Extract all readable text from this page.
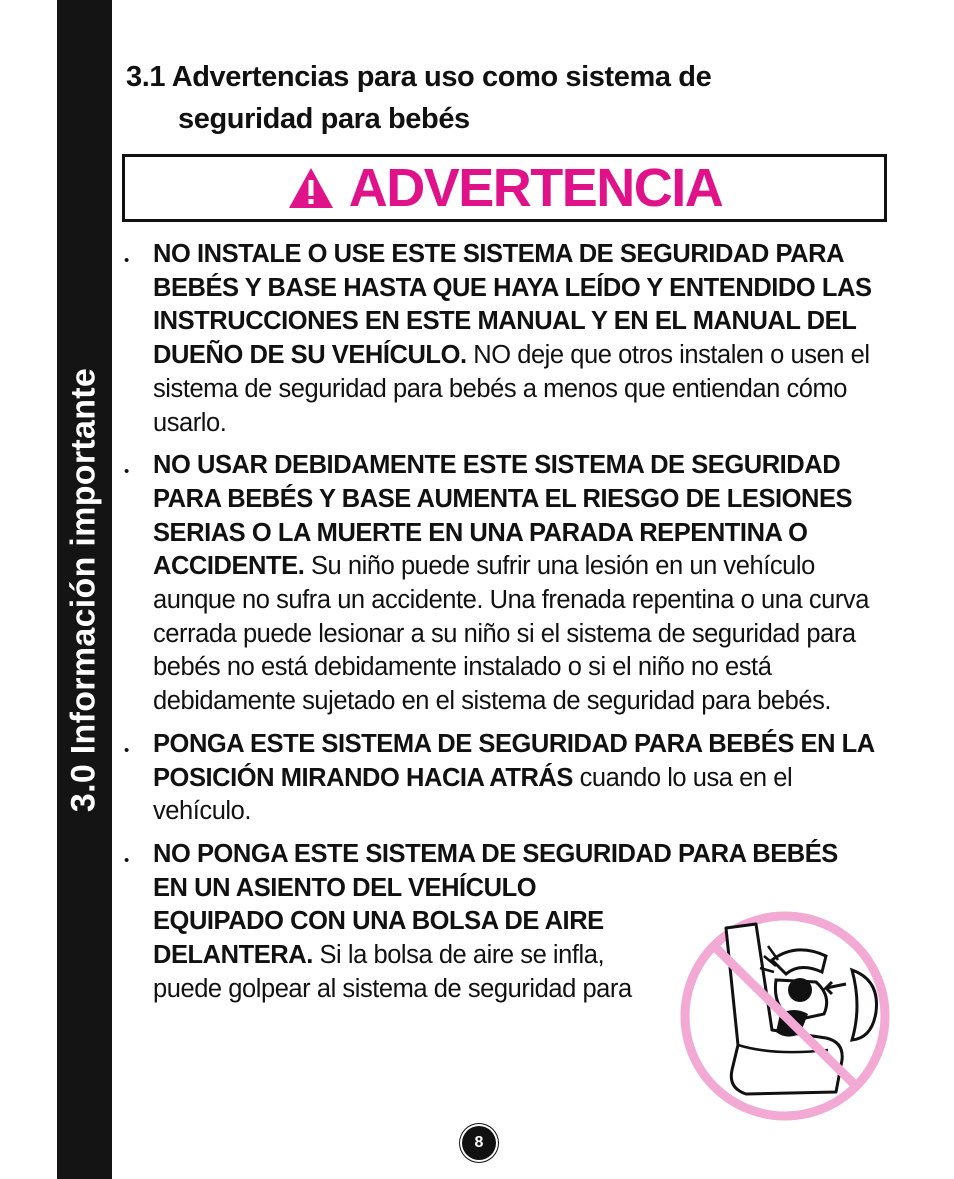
3.0 Información importante
3.1 Advertencias para uso como sistema de
seguridad para bebés
ADVERTENCIA
• NO INSTALE O USE ESTE SISTEMA DE SEGURIDAD PARA BEBÉS Y BASE HASTA QUE HAYA LEÍDO Y ENTENDIDO LAS INSTRUCCIONES EN ESTE MANUAL Y EN EL MANUAL DEL DUEÑO DE SU VEHÍCULO. NO deje que otros instalen o usen el sistema de seguridad para bebés a menos que entiendan cómo usarlo.
• NO USAR DEBIDAMENTE ESTE SISTEMA DE SEGURIDAD PARA BEBÉS Y BASE AUMENTA EL RIESGO DE LESIONES SERIAS O LA MUERTE EN UNA PARADA REPENTINA O ACCIDENTE. Su niño puede sufrir una lesión en un vehículo aunque no sufra un accidente. Una frenada repentina o una curva cerrada puede lesionar a su niño si el sistema de seguridad para bebés no está debidamente instalado o si el niño no está debidamente sujetado en el sistema de seguridad para bebés.
• PONGA ESTE SISTEMA DE SEGURIDAD PARA BEBÉS EN LA POSICIÓN MIRANDO HACIA ATRÁS cuando lo usa en el vehículo.
• NO PONGA ESTE SISTEMA DE SEGURIDAD PARA BEBÉS
EN UN ASIENTO DEL VEHÍCULO
EQUIPADO CON UNA BOLSA DE AIRE
DELANTERA. Si la bolsa de aire se infla,
puede golpear al sistema de seguridad para
8
